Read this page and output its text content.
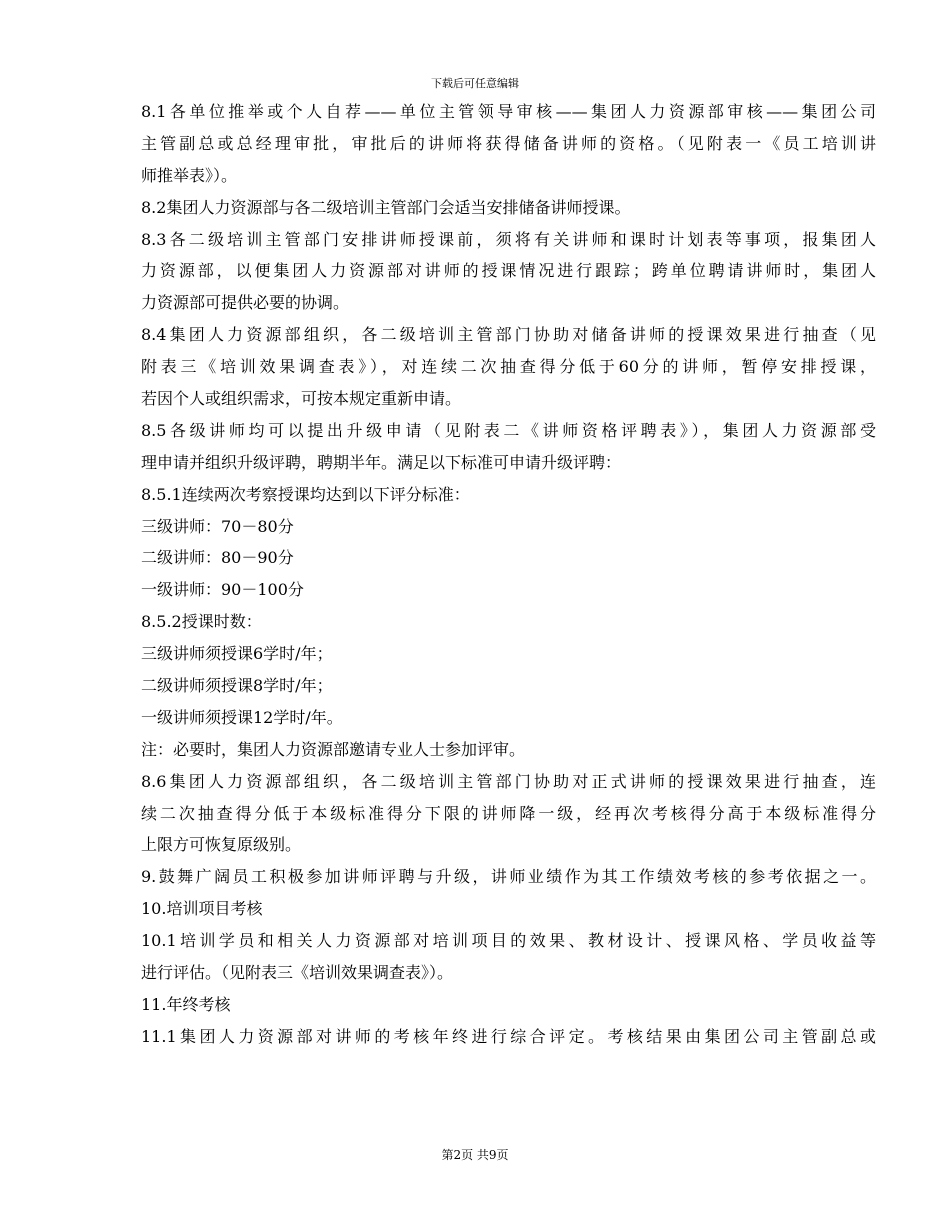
下载后可任意编辑
8.1各单位推举或个人自荐——单位主管领导审核——集团人力资源部审核——集团公司
主管副总或总经理审批，审批后的讲师将获得储备讲师的资格。（见附表一《员工培训讲
师推举表》）。
8.2集团人力资源部与各二级培训主管部门会适当安排储备讲师授课。
8.3各二级培训主管部门安排讲师授课前，须将有关讲师和课时计划表等事项，报集团人
力资源部，以便集团人力资源部对讲师的授课情况进行跟踪；跨单位聘请讲师时，集团人
力资源部可提供必要的协调。
8.4集团人力资源部组织，各二级培训主管部门协助对储备讲师的授课效果进行抽查（见
附表三《培训效果调查表》），对连续二次抽查得分低于60分的讲师，暂停安排授课，
若因个人或组织需求，可按本规定重新申请。
8.5各级讲师均可以提出升级申请（见附表二《讲师资格评聘表》），集团人力资源部受
理申请并组织升级评聘，聘期半年。满足以下标准可申请升级评聘：
8.5.1连续两次考察授课均达到以下评分标准：
三级讲师：70－80分
二级讲师：80－90分
一级讲师：90－100分
8.5.2授课时数：
三级讲师须授课6学时/年；
二级讲师须授课8学时/年；
一级讲师须授课12学时/年。
注：必要时，集团人力资源部邀请专业人士参加评审。
8.6集团人力资源部组织，各二级培训主管部门协助对正式讲师的授课效果进行抽查，连
续二次抽查得分低于本级标准得分下限的讲师降一级，经再次考核得分高于本级标准得分
上限方可恢复原级别。
9.鼓舞广阔员工积极参加讲师评聘与升级，讲师业绩作为其工作绩效考核的参考依据之一。
10.培训项目考核
10.1培训学员和相关人力资源部对培训项目的效果、教材设计、授课风格、学员收益等
进行评估。（见附表三《培训效果调查表》）。
11.年终考核
11.1集团人力资源部对讲师的考核年终进行综合评定。考核结果由集团公司主管副总或
第2页 共9页
